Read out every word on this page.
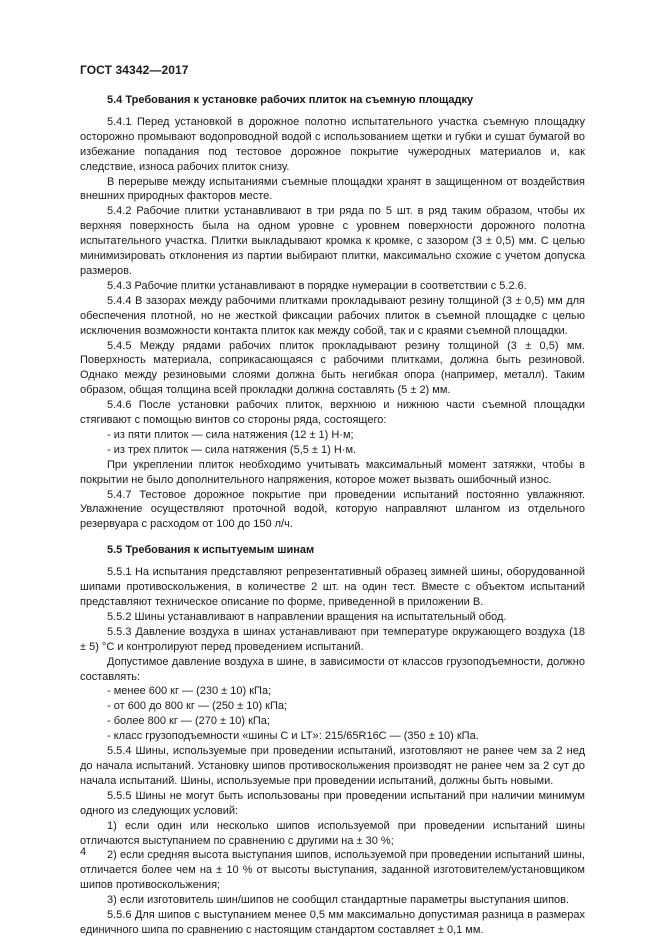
ГОСТ 34342—2017
5.4 Требования к установке рабочих плиток на съемную площадку

5.4.1 Перед установкой в дорожное полотно испытательного участка съемную площадку осторожно промывают водопроводной водой с использованием щетки и губки и сушат бумагой во избежание попадания под тестовое дорожное покрытие чужеродных материалов и, как следствие, износа рабочих плиток снизу.

В перерыве между испытаниями съемные площадки хранят в защищенном от воздействия внешних природных факторов месте.

5.4.2 Рабочие плитки устанавливают в три ряда по 5 шт. в ряд таким образом, чтобы их верхняя поверхность была на одном уровне с уровнем поверхности дорожного полотна испытательного участка. Плитки выкладывают кромка к кромке, с зазором (3 ± 0,5) мм. С целью минимизировать отклонения из партии выбирают плитки, максимально схожие с учетом допуска размеров.

5.4.3 Рабочие плитки устанавливают в порядке нумерации в соответствии с 5.2.6.

5.4.4 В зазорах между рабочими плитками прокладывают резину толщиной (3 ± 0,5) мм для обеспечения плотной, но не жесткой фиксации рабочих плиток в съемной площадке с целью исключения возможности контакта плиток как между собой, так и с краями съемной площадки.

5.4.5 Между рядами рабочих плиток прокладывают резину толщиной (3 ± 0,5) мм. Поверхность материала, соприкасающаяся с рабочими плитками, должна быть резиновой. Однако между резиновыми слоями должна быть негибкая опора (например, металл). Таким образом, общая толщина всей прокладки должна составлять (5 ± 2) мм.

5.4.6 После установки рабочих плиток, верхнюю и нижнюю части съемной площадки стягивают с помощью винтов со стороны ряда, состоящего:

- из пяти плиток — сила натяжения (12 ± 1) Н·м;
- из трех плиток — сила натяжения (5,5 ± 1) Н·м.

При укреплении плиток необходимо учитывать максимальный момент затяжки, чтобы в покрытии не было дополнительного напряжения, которое может вызвать ошибочный износ.

5.4.7 Тестовое дорожное покрытие при проведении испытаний постоянно увлажняют. Увлажнение осуществляют проточной водой, которую направляют шлангом из отдельного резервуара с расходом от 100 до 150 л/ч.

5.5 Требования к испытуемым шинам

5.5.1 На испытания представляют репрезентативный образец зимней шины, оборудованной шипами противоскольжения, в количестве 2 шт. на один тест. Вместе с объектом испытаний представляют техническое описание по форме, приведенной в приложении В.

5.5.2 Шины устанавливают в направлении вращения на испытательный обод.

5.5.3 Давление воздуха в шинах устанавливают при температуре окружающего воздуха (18 ± 5) °С и контролируют перед проведением испытаний.

Допустимое давление воздуха в шине, в зависимости от классов грузоподъемности, должно составлять:

- менее 600 кг — (230 ± 10) кПа;
- от 600 до 800 кг — (250 ± 10) кПа;
- более 800 кг — (270 ± 10) кПа;
- класс грузоподъемности «шины С и LT»: 215/65R16C — (350 ± 10) кПа.

5.5.4 Шины, используемые при проведении испытаний, изготовляют не ранее чем за 2 нед до начала испытаний. Установку шипов противоскольжения производят не ранее чем за 2 сут до начала испытаний. Шины, используемые при проведении испытаний, должны быть новыми.

5.5.5 Шины не могут быть использованы при проведении испытаний при наличии минимум одного из следующих условий:

1) если один или несколько шипов используемой при проведении испытаний шины отличаются выступанием по сравнению с другими на ± 30 %;

2) если средняя высота выступания шипов, используемой при проведении испытаний шины, отличается более чем на ± 10 % от высоты выступания, заданной изготовителем/установщиком шипов противоскольжения;

3) если изготовитель шин/шипов не сообщил стандартные параметры выступания шипов.

5.5.6 Для шипов с выступанием менее 0,5 мм максимально допустимая разница в размерах единичного шипа по сравнению с настоящим стандартом составляет ± 0,1 мм.

4
